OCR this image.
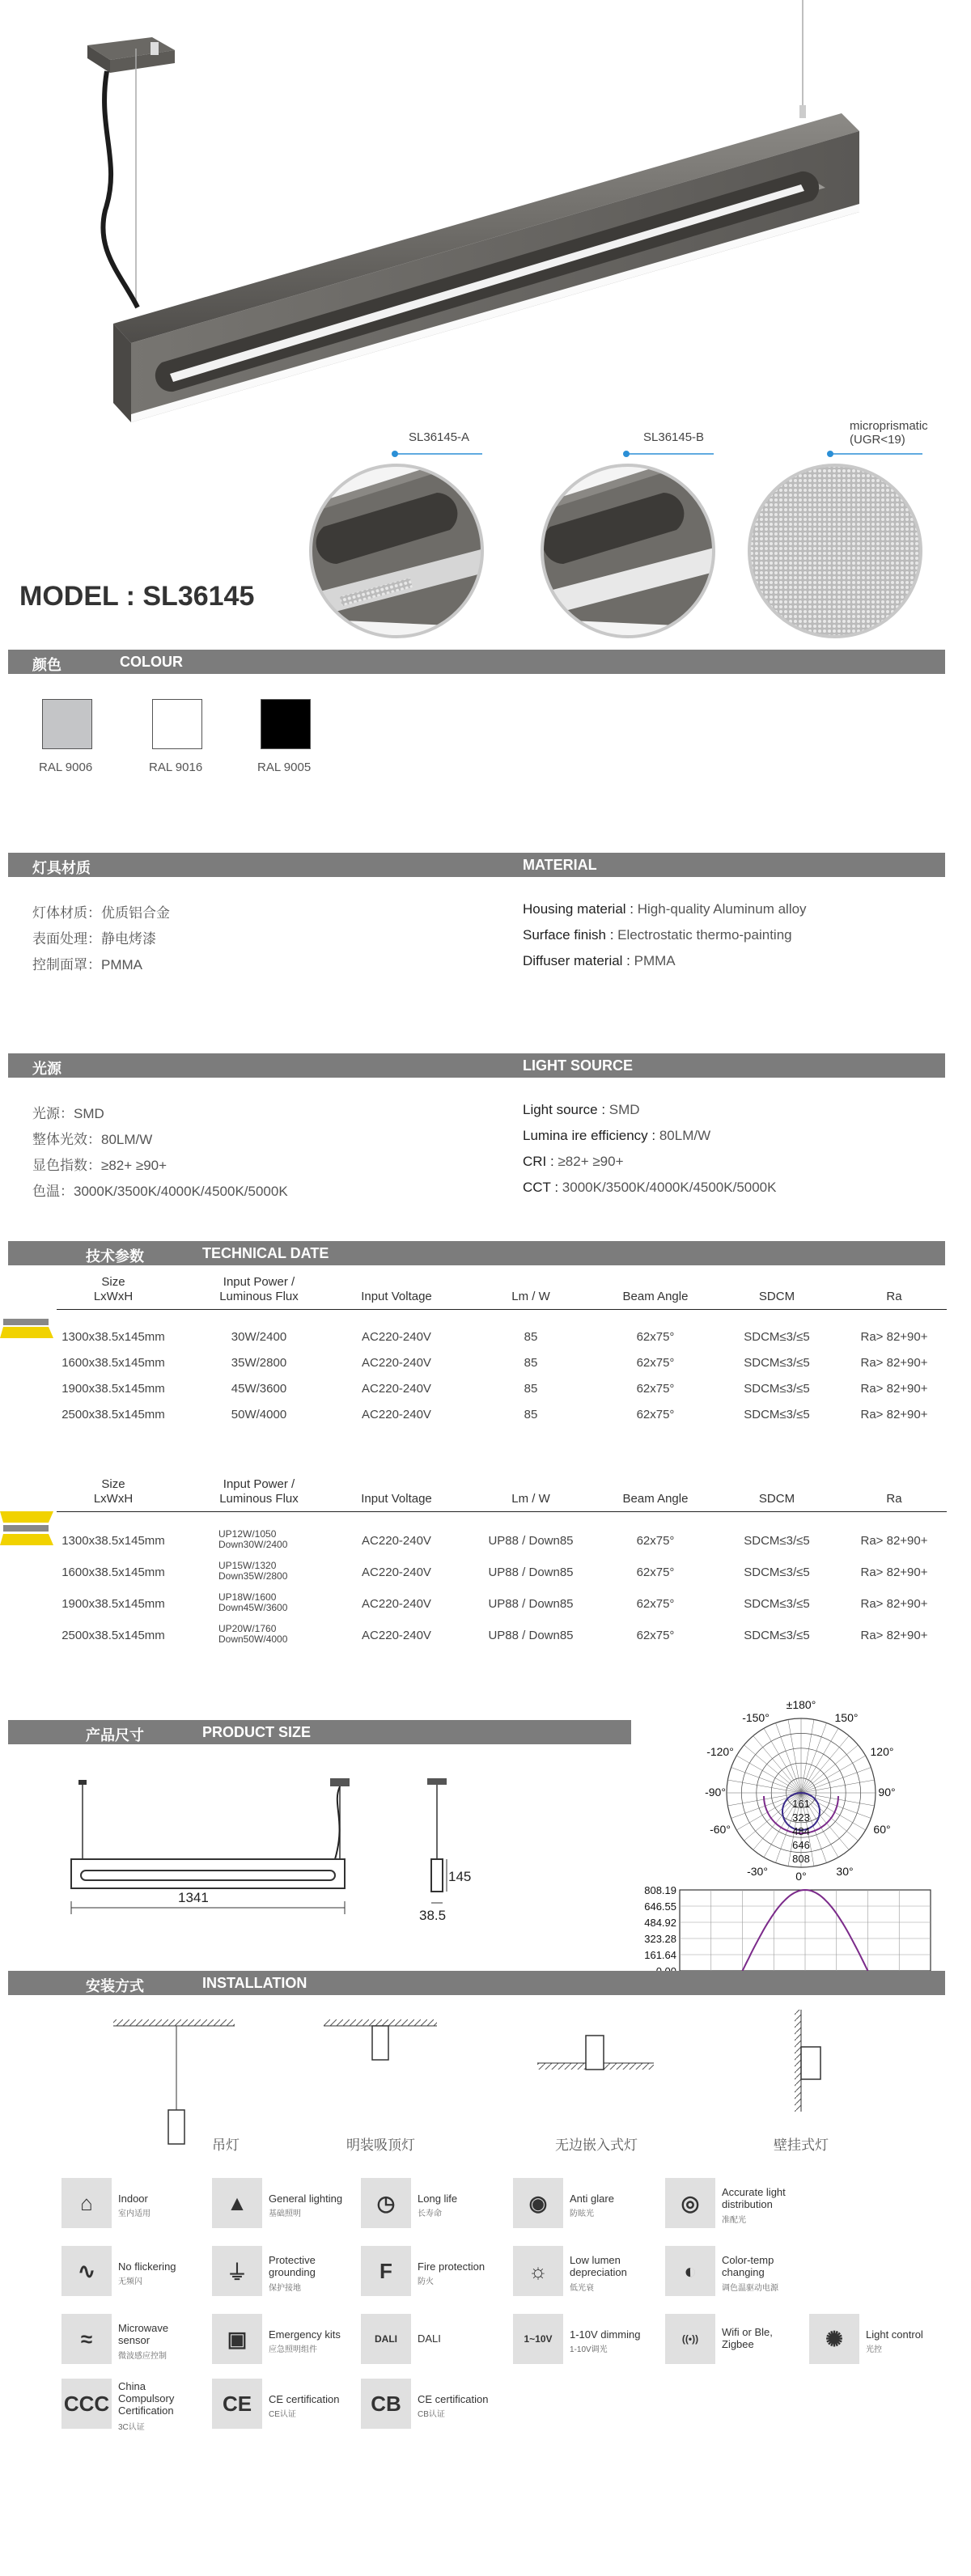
SL36145-A	SL36145-B
microprismatic
(UGR<19)
MODEL : SL36145
颜色	COLOUR
RAL 9006	RAL 9016	RAL 9005
灯具材质	MATERIAL
灯体材质：优质铝合金
表面处理：静电烤漆
控制面罩：PMMA
Housing material : High-quality Aluminum alloy
Surface finish : Electrostatic thermo-painting
Diffuser material : PMMA
光源	LIGHT SOURCE
光源：SMD
整体光效：80LM/W
显色指数：≥82+ ≥90+
色温：3000K/3500K/4000K/4500K/5000K
Light source : SMD
Lumina ire efficiency : 80LM/W
CRI : ≥82+ ≥90+
CCT : 3000K/3500K/4000K/4500K/5000K
技术参数	TECHNICAL DATE
Size
LxWxH
Input Power /
Luminous Flux	Input Voltage	Lm / W	Beam Angle	SDCM	Ra
1300x38.5x145mm	30W/2400	AC220-240V	85	62x75°	SDCM≤3/≤5	Ra> 82+90+
1600x38.5x145mm	35W/2800	AC220-240V	85	62x75°	SDCM≤3/≤5	Ra> 82+90+
1900x38.5x145mm	45W/3600	AC220-240V	85	62x75°	SDCM≤3/≤5	Ra> 82+90+
2500x38.5x145mm	50W/4000	AC220-240V	85	62x75°	SDCM≤3/≤5	Ra> 82+90+
Size
LxWxH
Input Power /
Luminous Flux	Input Voltage	Lm / W	Beam Angle	SDCM	Ra
1300x38.5x145mm	UP12W/1050
Down30W/2400	AC220-240V	UP88 / Down85	62x75°	SDCM≤3/≤5	Ra> 82+90+
1600x38.5x145mm	UP15W/1320
Down35W/2800	AC220-240V	UP88 / Down85	62x75°	SDCM≤3/≤5	Ra> 82+90+
1900x38.5x145mm	UP18W/1600
Down45W/3600	AC220-240V	UP88 / Down85	62x75°	SDCM≤3/≤5	Ra> 82+90+
2500x38.5x145mm	UP20W/1760
Down50W/4000	AC220-240V	UP88 / Down85	62x75°	SDCM≤3/≤5	Ra> 82+90+
产品尺寸	PRODUCT SIZE
1341
145
38.5
±180°
150°
-150°
120°
-120°
90°
-90°
60°
-60°
30°
-30° 0°
161
323
484
646
808
808.19
646.55
484.92
323.28
161.64
安装方式	INSTALLATION
吊灯	明装吸顶灯	无边嵌入式灯	壁挂式灯
⌂	Indoor
室内适用	▲	General lighting
基础照明	◷	Long life
长寿命	◉	Anti glare
防眩光	◎	Accurate light
distribution
准配光
∿	No flickering
无频闪	⏚	Protective
grounding
保护接地
F	Fire protection
防火	☼	Low lumen
depreciation
低光衰
◐	Color-temp
changing
调色温驱动电源
≈	Microwave
sensor
微波感应控制
▣	Emergency kits
应急照明组件
DALI	DALI	1~10V	1-10V dimming
1-10V调光
((•))
Wifi or Ble,
Zigbee	✺	Light control
光控
CCC
China
Compulsory
Certification
3C认证
CE	CE certification
CE认证	CB	CE certification
CB认证
